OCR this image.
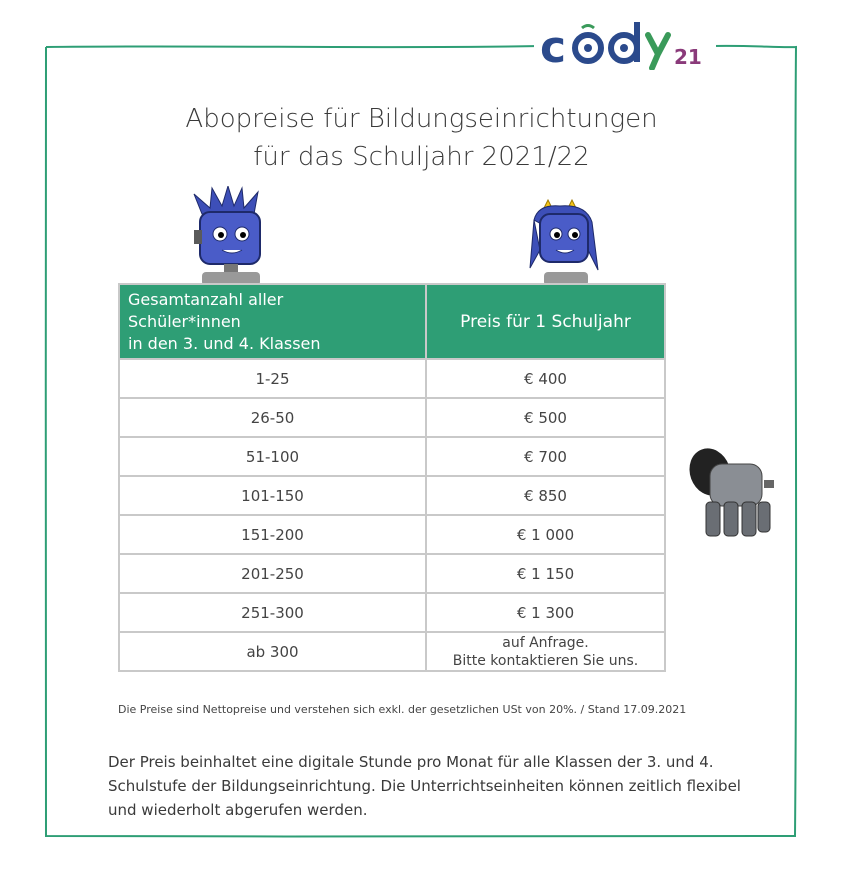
c	21
Abopreise für Bildungseinrichtungen
für das Schuljahr 2021/22
Gesamtanzahl aller
Schüler*innen
in den 3. und 4. Klassen	Preis für 1 Schuljahr
1-25	€ 400
26-50	€ 500
51-100	€ 700
101-150	€ 850
151-200	€ 1 000
201-250	€ 1 150
251-300	€ 1 300
ab 300	auf Anfrage.
Bitte kontaktieren Sie uns.
Die Preise sind Nettopreise und verstehen sich exkl. der gesetzlichen USt von 20%. / Stand 17.09.2021

Der Preis beinhaltet eine digitale Stunde pro Monat für alle Klassen der 3. und 4. Schulstufe der Bildungseinrichtung. Die Unterrichtseinheiten können zeitlich flexibel und wiederholt abgerufen werden.
